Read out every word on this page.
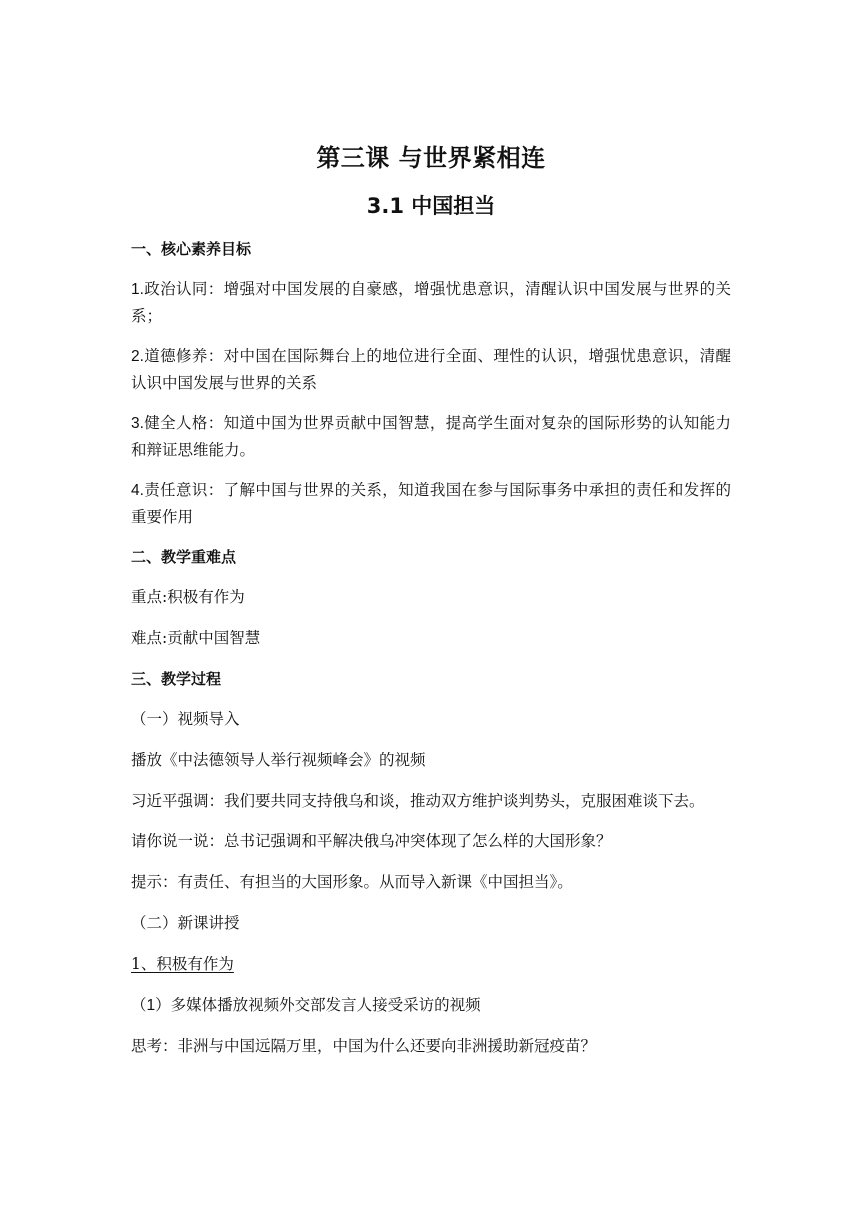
第三课 与世界紧相连
3.1 中国担当
一、核心素养目标

1.政治认同：增强对中国发展的自豪感，增强忧患意识，清醒认识中国发展与世界的关系；

2.道德修养：对中国在国际舞台上的地位进行全面、理性的认识，增强忧患意识，清醒认识中国发展与世界的关系

3.健全人格：知道中国为世界贡献中国智慧，提高学生面对复杂的国际形势的认知能力和辩证思维能力。

4.责任意识：了解中国与世界的关系，知道我国在参与国际事务中承担的责任和发挥的重要作用

二、教学重难点

重点:积极有作为

难点:贡献中国智慧

三、教学过程

（一）视频导入

播放《中法德领导人举行视频峰会》的视频

习近平强调：我们要共同支持俄乌和谈，推动双方维护谈判势头，克服困难谈下去。

请你说一说：总书记强调和平解决俄乌冲突体现了怎么样的大国形象？

提示：有责任、有担当的大国形象。从而导入新课《中国担当》。

（二）新课讲授

1、积极有作为

（1）多媒体播放视频外交部发言人接受采访的视频

思考：非洲与中国远隔万里，中国为什么还要向非洲援助新冠疫苗？
